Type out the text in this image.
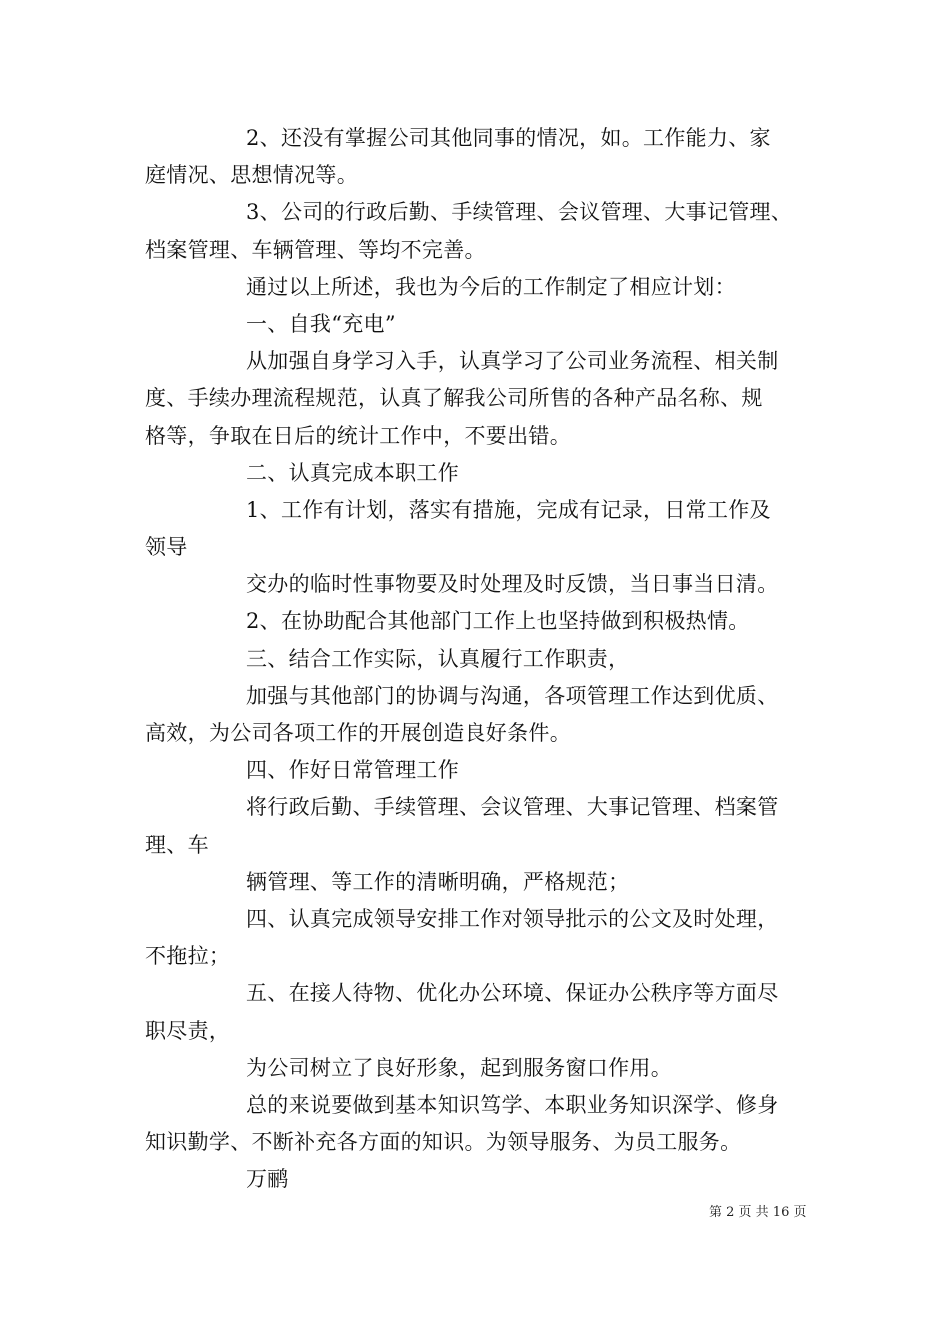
2、还没有掌握公司其他同事的情况，如。工作能力、家
庭情况、思想情况等。
3、公司的行政后勤、手续管理、会议管理、大事记管理、
档案管理、车辆管理、等均不完善。
通过以上所述，我也为今后的工作制定了相应计划：
一、自我“充电”
从加强自身学习入手，认真学习了公司业务流程、相关制
度、手续办理流程规范，认真了解我公司所售的各种产品名称、规
格等，争取在日后的统计工作中，不要出错。
二、认真完成本职工作
1、工作有计划，落实有措施，完成有记录，日常工作及
领导
交办的临时性事物要及时处理及时反馈，当日事当日清。
2、在协助配合其他部门工作上也坚持做到积极热情。
三、结合工作实际，认真履行工作职责，
加强与其他部门的协调与沟通，各项管理工作达到优质、
高效，为公司各项工作的开展创造良好条件。
四、作好日常管理工作
将行政后勤、手续管理、会议管理、大事记管理、档案管
理、车
辆管理、等工作的清晰明确，严格规范；
四、认真完成领导安排工作对领导批示的公文及时处理，
不拖拉；
五、在接人待物、优化办公环境、保证办公秩序等方面尽
职尽责，
为公司树立了良好形象，起到服务窗口作用。
总的来说要做到基本知识笃学、本职业务知识深学、修身
知识勤学、不断补充各方面的知识。为领导服务、为员工服务。
万鹂
第 2 页 共 16 页
